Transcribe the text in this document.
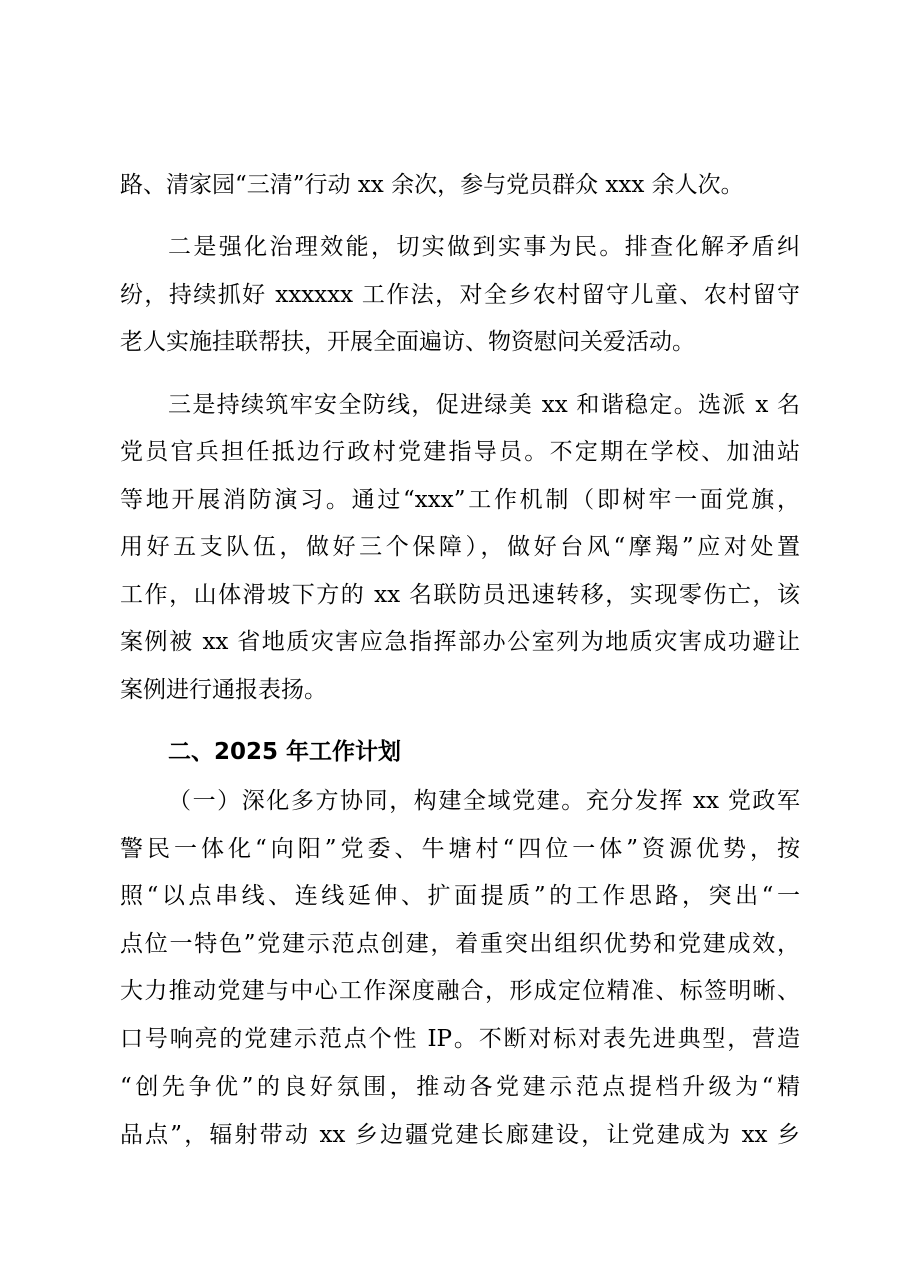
路、清家园“三清”行动 xx 余次，参与党员群众 xxx 余人次。
二是强化治理效能，切实做到实事为民。排查化解矛盾纠
纷，持续抓好 xxxxxx 工作法，对全乡农村留守儿童、农村留守
老人实施挂联帮扶，开展全面遍访、物资慰问关爱活动。
三是持续筑牢安全防线，促进绿美 xx 和谐稳定。选派 x 名
党员官兵担任抵边行政村党建指导员。不定期在学校、加油站
等地开展消防演习。通过“xxx”工作机制（即树牢一面党旗，
用好五支队伍，做好三个保障），做好台风“摩羯”应对处置
工作，山体滑坡下方的 xx 名联防员迅速转移，实现零伤亡，该
案例被 xx 省地质灾害应急指挥部办公室列为地质灾害成功避让
案例进行通报表扬。
二、2025 年工作计划
（一）深化多方协同，构建全域党建。充分发挥 xx 党政军
警民一体化“向阳”党委、牛塘村“四位一体”资源优势，按
照“以点串线、连线延伸、扩面提质”的工作思路，突出“一
点位一特色”党建示范点创建，着重突出组织优势和党建成效，
大力推动党建与中心工作深度融合，形成定位精准、标签明晰、
口号响亮的党建示范点个性 IP。不断对标对表先进典型，营造
“创先争优”的良好氛围，推动各党建示范点提档升级为“精
品点”，辐射带动 xx 乡边疆党建长廊建设，让党建成为 xx 乡
